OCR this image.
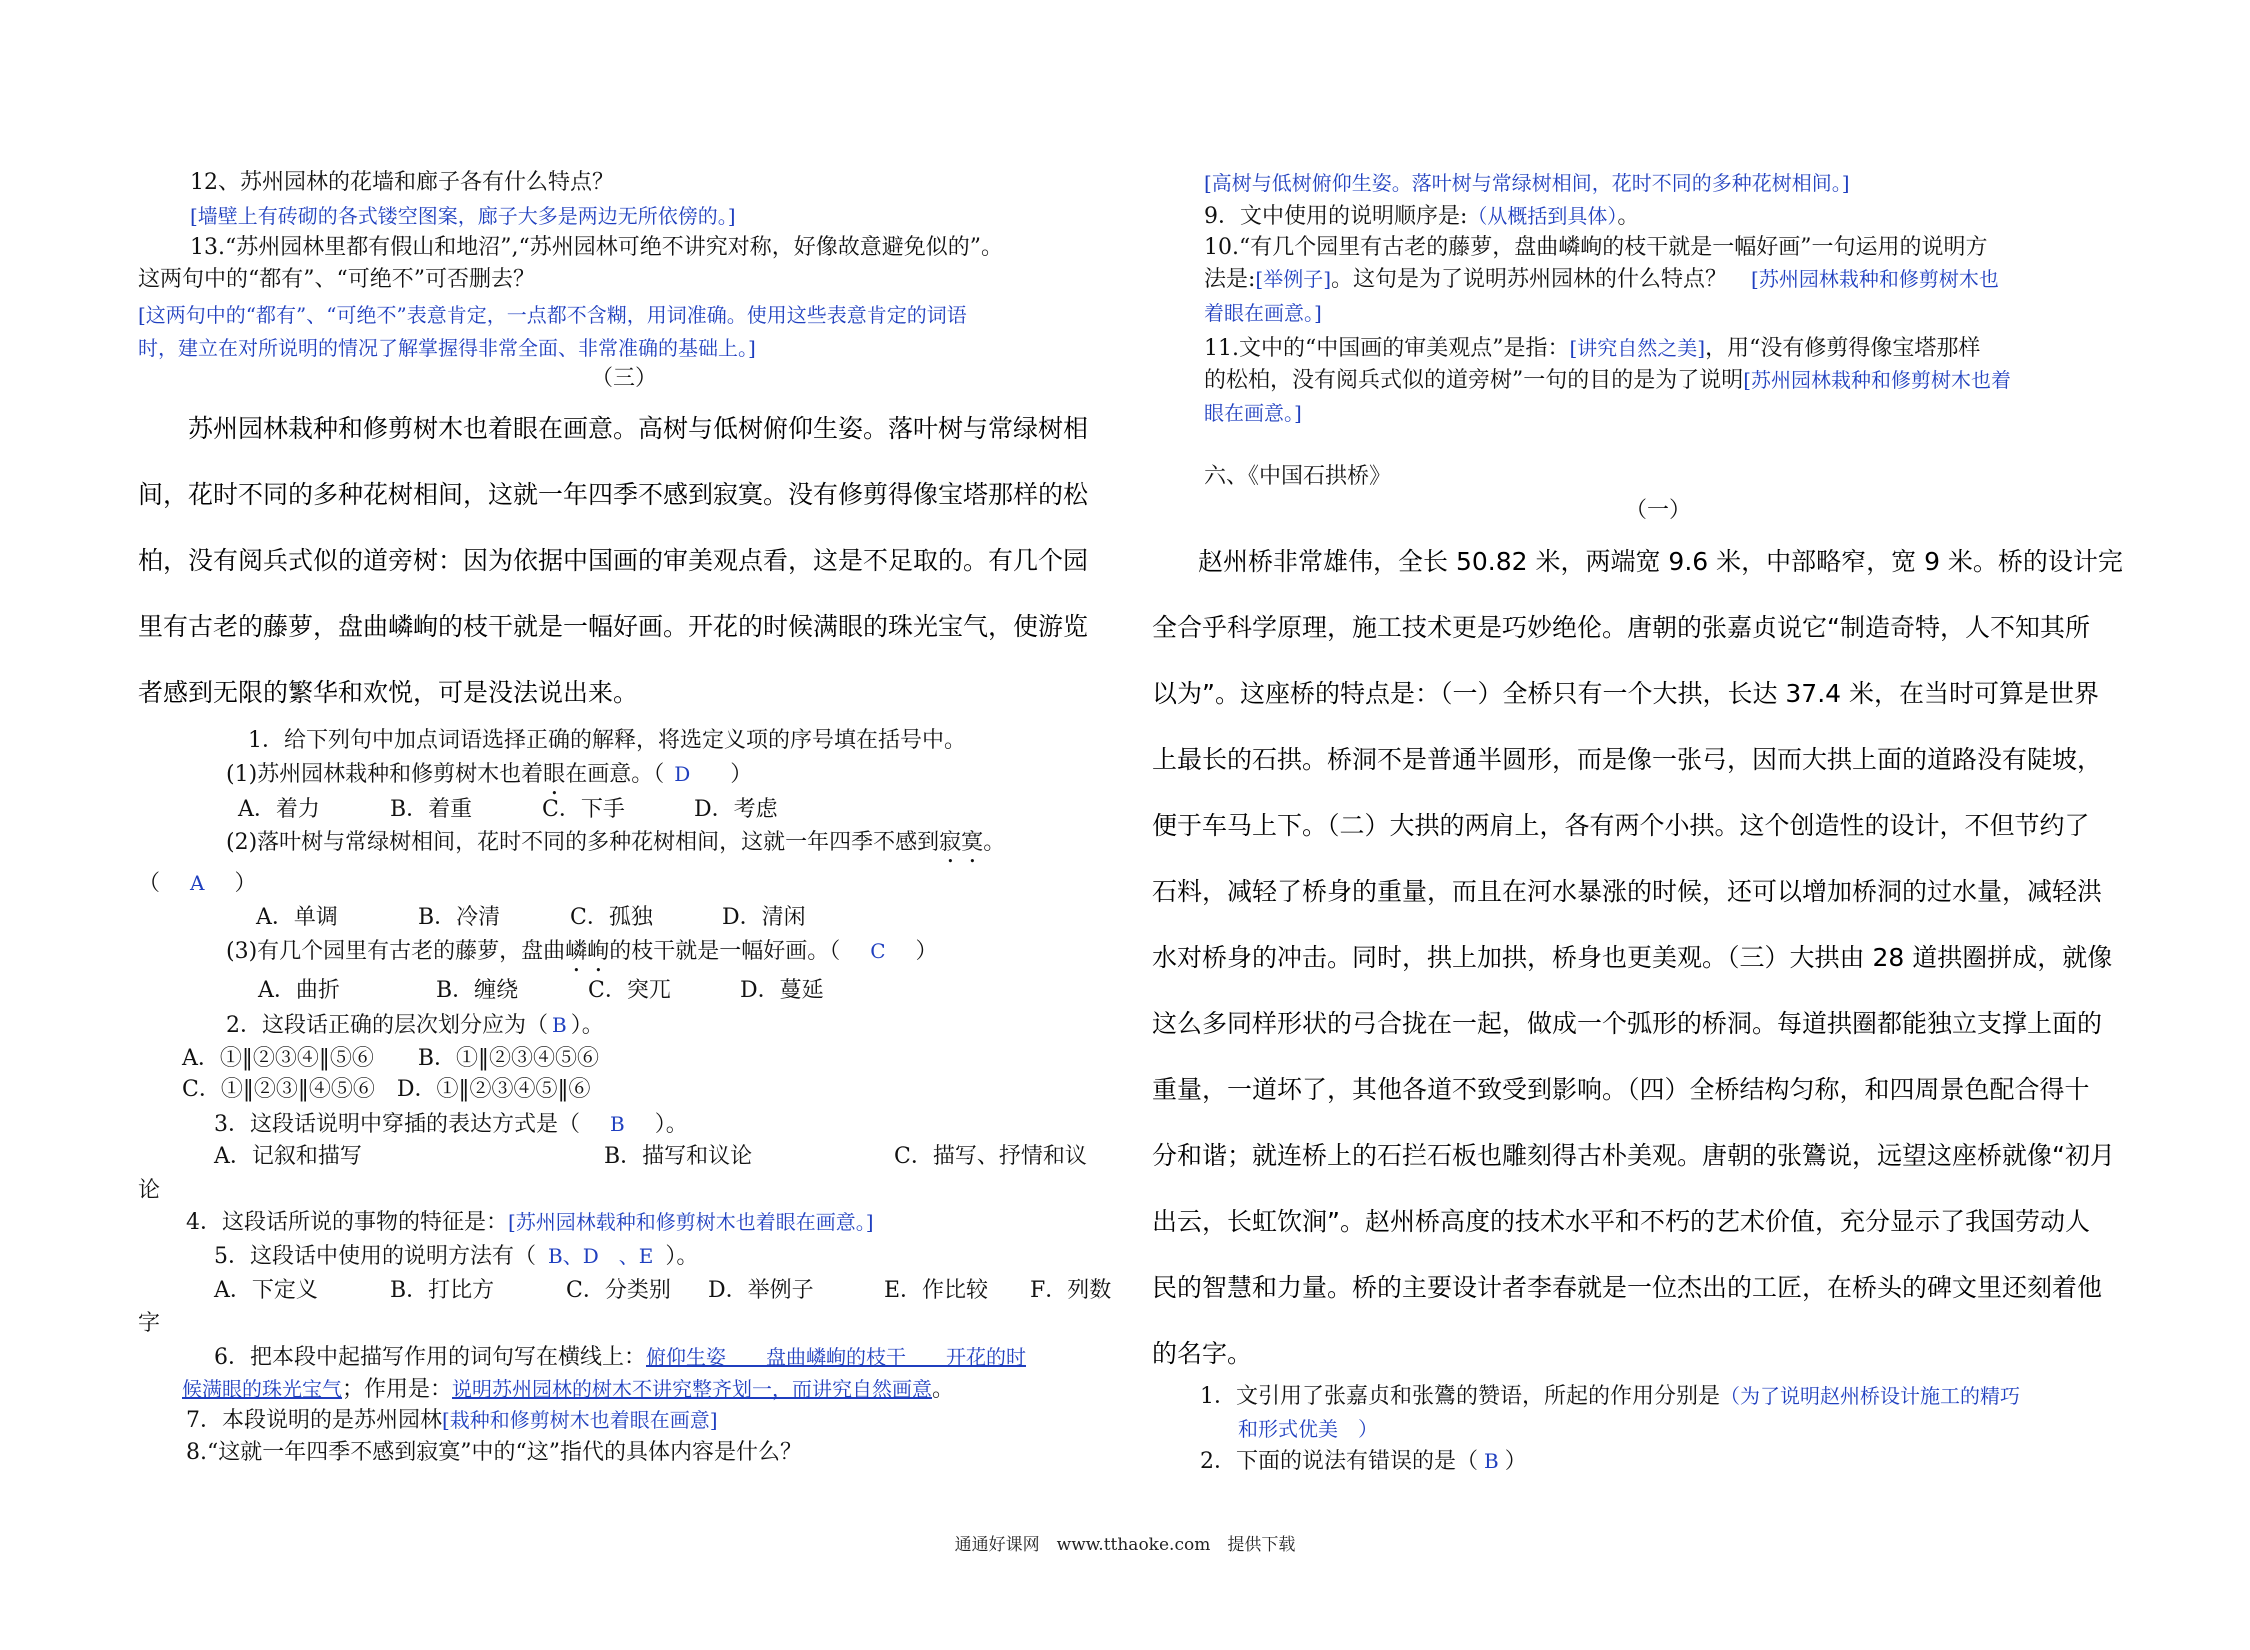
12、苏州园林的花墙和廊子各有什么特点？
[墙壁上有砖砌的各式镂空图案，廊子大多是两边无所依傍的。]
13.“苏州园林里都有假山和地沼”,“苏州园林可绝不讲究对称，好像故意避免似的”。
这两句中的“都有”、“可绝不”可否删去？
[这两句中的“都有”、“可绝不”表意肯定，一点都不含糊，用词准确。使用这些表意肯定的词语
时，建立在对所说明的情况了解掌握得非常全面、非常准确的基础上。]
（三）
苏州园林栽种和修剪树木也着眼在画意。高树与低树俯仰生姿。落叶树与常绿树相
间，花时不同的多种花树相间，这就一年四季不感到寂寞。没有修剪得像宝塔那样的松
柏，没有阅兵式似的道旁树：因为依据中国画的审美观点看，这是不足取的。有几个园
里有古老的藤萝，盘曲嶙峋的枝干就是一幅好画。开花的时候满眼的珠光宝气，使游览
者感到无限的繁华和欢悦，可是没法说出来。
1．给下列句中加点词语选择正确的解释，将选定义项的序号填在括号中。
(1)苏州园林栽种和修剪树木也着眼在画意。（ D ）
A．着力	B．着重	C．下手	D．考虑
(2)落叶树与常绿树相间，花时不同的多种花树相间，这就一年四季不感到寂寞。
（ A ）
A．单调	B．冷清	C．孤独	D．清闲
(3)有几个园里有古老的藤萝，盘曲嶙峋的枝干就是一幅好画。（ C ）
A．曲折	B．缠绕	C．突兀	D．蔓延
2．这段话正确的层次划分应为（ B ）。
A．①‖②③④‖⑤⑥　　B．①‖②③④⑤⑥
C．①‖②③‖④⑤⑥　D．①‖②③④⑤‖⑥
3．这段话说明中穿插的表达方式是（ B ）。
A．记叙和描写	B．描写和议论	C．描写、抒情和议
论
4．这段话所说的事物的特征是：[苏州园林载种和修剪树木也着眼在画意。]
5．这段话中使用的说明方法有（ B、D　、E ）。
A．下定义	B．打比方	C．分类别 D．举例子	E．作比较 F．列数
字
6．把本段中起描写作用的词句写在横线上：俯仰生姿　　盘曲嶙峋的枝干　　开花的时
候满眼的珠光宝气；作用是：说明苏州园林的树木不讲究整齐划一，而讲究自然画意。
7．本段说明的是苏州园林[栽种和修剪树木也着眼在画意]
8.“这就一年四季不感到寂寞”中的“这”指代的具体内容是什么？
[高树与低树俯仰生姿。落叶树与常绿树相间，花时不同的多种花树相间。]
9．文中使用的说明顺序是:（从概括到具体）。
10.“有几个园里有古老的藤萝，盘曲嶙峋的枝干就是一幅好画”一句运用的说明方
法是:[举例子]。这句是为了说明苏州园林的什么特点？ [苏州园林栽种和修剪树木也
着眼在画意。]
11.文中的“中国画的审美观点”是指：[讲究自然之美]，用“没有修剪得像宝塔那样
的松柏，没有阅兵式似的道旁树”一句的目的是为了说明[苏州园林栽种和修剪树木也着
眼在画意。]
六、《中国石拱桥》
（一）
赵州桥非常雄伟，全长 50.82 米，两端宽 9.6 米，中部略窄，宽 9 米。桥的设计完
全合乎科学原理，施工技术更是巧妙绝伦。唐朝的张嘉贞说它“制造奇特，人不知其所
以为”。这座桥的特点是：（一）全桥只有一个大拱，长达 37.4 米，在当时可算是世界
上最长的石拱。桥洞不是普通半圆形，而是像一张弓，因而大拱上面的道路没有陡坡，
便于车马上下。（二）大拱的两肩上，各有两个小拱。这个创造性的设计，不但节约了
石料，减轻了桥身的重量，而且在河水暴涨的时候，还可以增加桥洞的过水量，减轻洪
水对桥身的冲击。同时，拱上加拱，桥身也更美观。（三）大拱由 28 道拱圈拼成，就像
这么多同样形状的弓合拢在一起，做成一个弧形的桥洞。每道拱圈都能独立支撑上面的
重量，一道坏了，其他各道不致受到影响。（四）全桥结构匀称，和四周景色配合得十
分和谐；就连桥上的石拦石板也雕刻得古朴美观。唐朝的张鷟说，远望这座桥就像“初月
出云，长虹饮涧”。赵州桥高度的技术水平和不朽的艺术价值，充分显示了我国劳动人
民的智慧和力量。桥的主要设计者李春就是一位杰出的工匠，在桥头的碑文里还刻着他
的名字。
1．文引用了张嘉贞和张鷟的赞语，所起的作用分别是（为了说明赵州桥设计施工的精巧
和形式优美　）
2．下面的说法有错误的是（ B ）
通通好课网　www.tthaoke.com　提供下载
